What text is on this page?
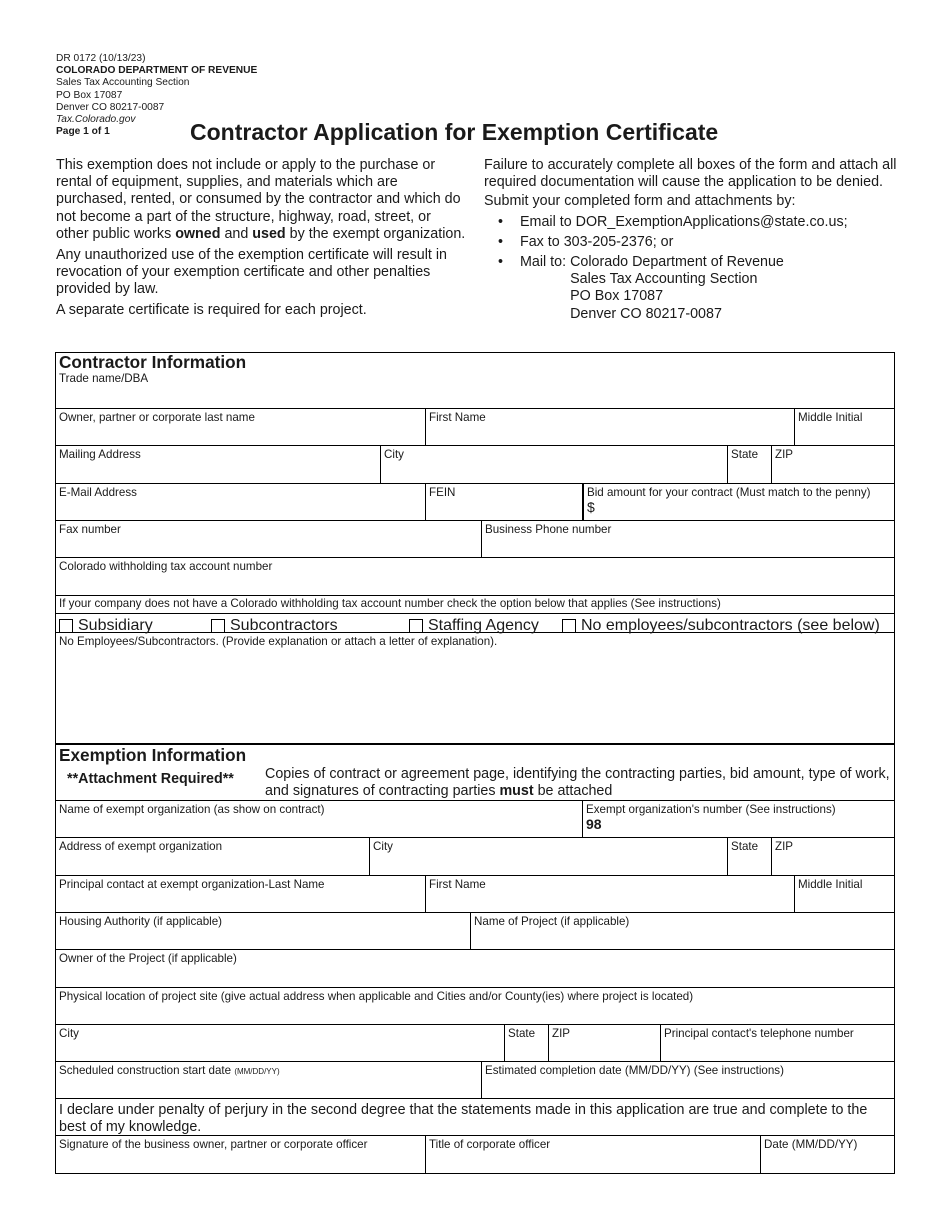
DR 0172 (10/13/23)
COLORADO DEPARTMENT OF REVENUE
Sales Tax Accounting Section
PO Box 17087
Denver CO 80217-0087
Tax.Colorado.gov
Page 1 of 1	Contractor Application for Exemption Certificate

This exemption does not include or apply to the purchase or rental of equipment, supplies, and materials which are purchased, rented, or consumed by the contractor and which do not become a part of the structure, highway, road, street, or other public works owned and used by the exempt organization.

Any unauthorized use of the exemption certificate will result in revocation of your exemption certificate and other penalties provided by law.

A separate certificate is required for each project.

Failure to accurately complete all boxes of the form and attach all required documentation will cause the application to be denied.

Submit your completed form and attachments by:

• Email to DOR_ExemptionApplications@state.co.us;
• Fax to 303-205-2376; or
• Mail to: Colorado Department of Revenue
Sales Tax Accounting Section
PO Box 17087
Denver CO 80217-0087
Contractor Information
Trade name/DBA
Owner, partner or corporate last name	First Name	Middle Initial
Mailing Address	City	State	ZIP
E-Mail Address	FEIN	Bid amount for your contract (Must match to the penny)
$
Fax number	Business Phone number
Colorado withholding tax account number
If your company does not have a Colorado withholding tax account number check the option below that applies (See instructions)
Subsidiary	Subcontractors	Staffing Agency	No employees/subcontractors (see below)
No Employees/Subcontractors. (Provide explanation or attach a letter of explanation).
Exemption Information
**Attachment Required** Copies of contract or agreement page, identifying the contracting parties, bid amount, type of work, and signatures of contracting parties must be attached
Name of exempt organization (as show on contract)	Exempt organization's number (See instructions)
98
Address of exempt organization	City	State	ZIP
Principal contact at exempt organization-Last Name	First Name	Middle Initial
Housing Authority (if applicable)	Name of Project (if applicable)
Owner of the Project (if applicable)
Physical location of project site (give actual address when applicable and Cities and/or County(ies) where project is located)
City	State	ZIP	Principal contact's telephone number
Scheduled construction start date (MM/DD/YY)	Estimated completion date (MM/DD/YY) (See instructions)
I declare under penalty of perjury in the second degree that the statements made in this application are true and complete to the best of my knowledge.
Signature of the business owner, partner or corporate officer	Title of corporate officer	Date (MM/DD/YY)
